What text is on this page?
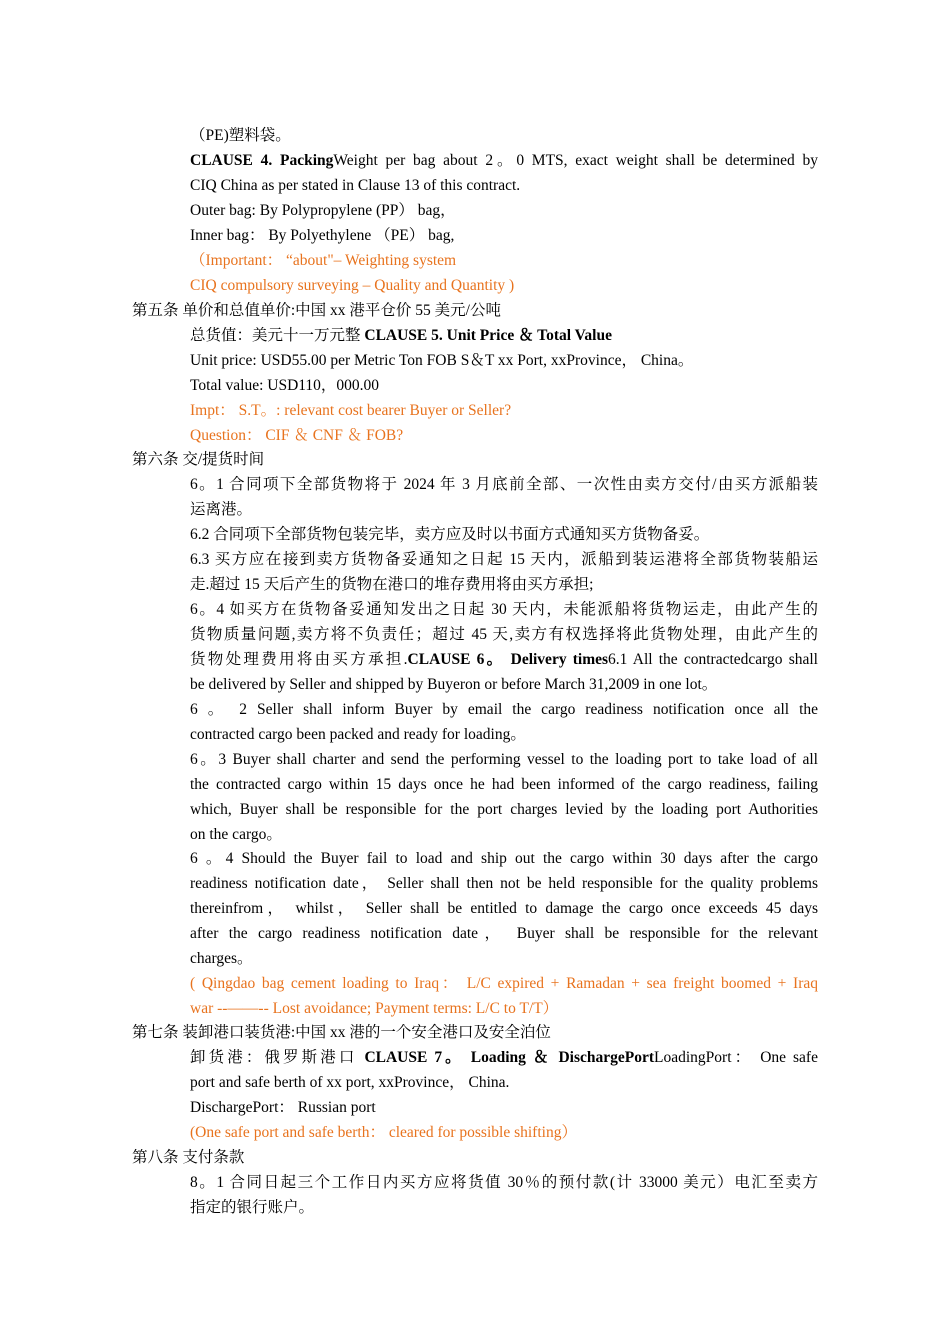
（PE)塑料袋。
CLAUSE 4. PackingWeight per bag about 2。0 MTS, exact weight shall be determined by
CIQ China as per stated in Clause 13 of this contract.
Outer bag: By Polypropylene (PP） bag，
Inner bag： By Polyethylene （PE） bag,
（Important： “about"– Weighting system
CIQ compulsory surveying – Quality and Quantity )
第五条 单价和总值单价:中国 xx 港平仓价 55 美元/公吨
总货值：美元十一万元整 CLAUSE 5. Unit Price ＆ Total Value
Unit price: USD55.00 per Metric Ton FOB S＆T xx Port, xxProvince， China。
Total value: USD110，000.00
Impt： S.T。: relevant cost bearer Buyer or Seller?
Question： CIF ＆ CNF ＆ FOB?
第六条 交/提货时间
6。1 合同项下全部货物将于 2024 年 3 月底前全部、一次性由卖方交付/由买方派船装
运离港。
6.2 合同项下全部货物包装完毕，卖方应及时以书面方式通知买方货物备妥。
6.3 买方应在接到卖方货物备妥通知之日起 15 天内，派船到装运港将全部货物装船运
走.超过 15 天后产生的货物在港口的堆存费用将由买方承担;
6。4 如买方在货物备妥通知发出之日起 30 天内，未能派船将货物运走，由此产生的
货物质量问题,卖方将不负责任；超过 45 天,卖方有权选择将此货物处理，由此产生的
货物处理费用将由买方承担.CLAUSE 6。 Delivery times6.1 All the contractedcargo shall
be delivered by Seller and shipped by Buyeron or before March 31,2009 in one lot。
6 。 2 Seller shall inform Buyer by email the cargo readiness notification once all the
contracted cargo been packed and ready for loading。
6。3 Buyer shall charter and send the performing vessel to the loading port to take load of all
the contracted cargo within 15 days once he had been informed of the cargo readiness, failing
which, Buyer shall be responsible for the port charges levied by the loading port Authorities
on the cargo。
6 。4 Should the Buyer fail to load and ship out the cargo within 30 days after the cargo
readiness notification date， Seller shall then not be held responsible for the quality problems
thereinfrom， whilst， Seller shall be entitled to damage the cargo once exceeds 45 days
after the cargo readiness notification date， Buyer shall be responsible for the relevant
charges。
( Qingdao bag cement loading to Iraq： L/C expired + Ramadan + sea freight boomed + Iraq
war --——-- Lost avoidance; Payment terms: L/C to T/T）
第七条 装卸港口装货港:中国 xx 港的一个安全港口及安全泊位
卸货港：俄罗斯港口 CLAUSE 7。 Loading ＆ DischargePortLoadingPort： One safe
port and safe berth of xx port, xxProvince， China.
DischargePort： Russian port
(One safe port and safe berth： cleared for possible shifting）
第八条 支付条款
8。1 合同日起三个工作日内买方应将货值 30％的预付款(计 33000 美元）电汇至卖方
指定的银行账户。
